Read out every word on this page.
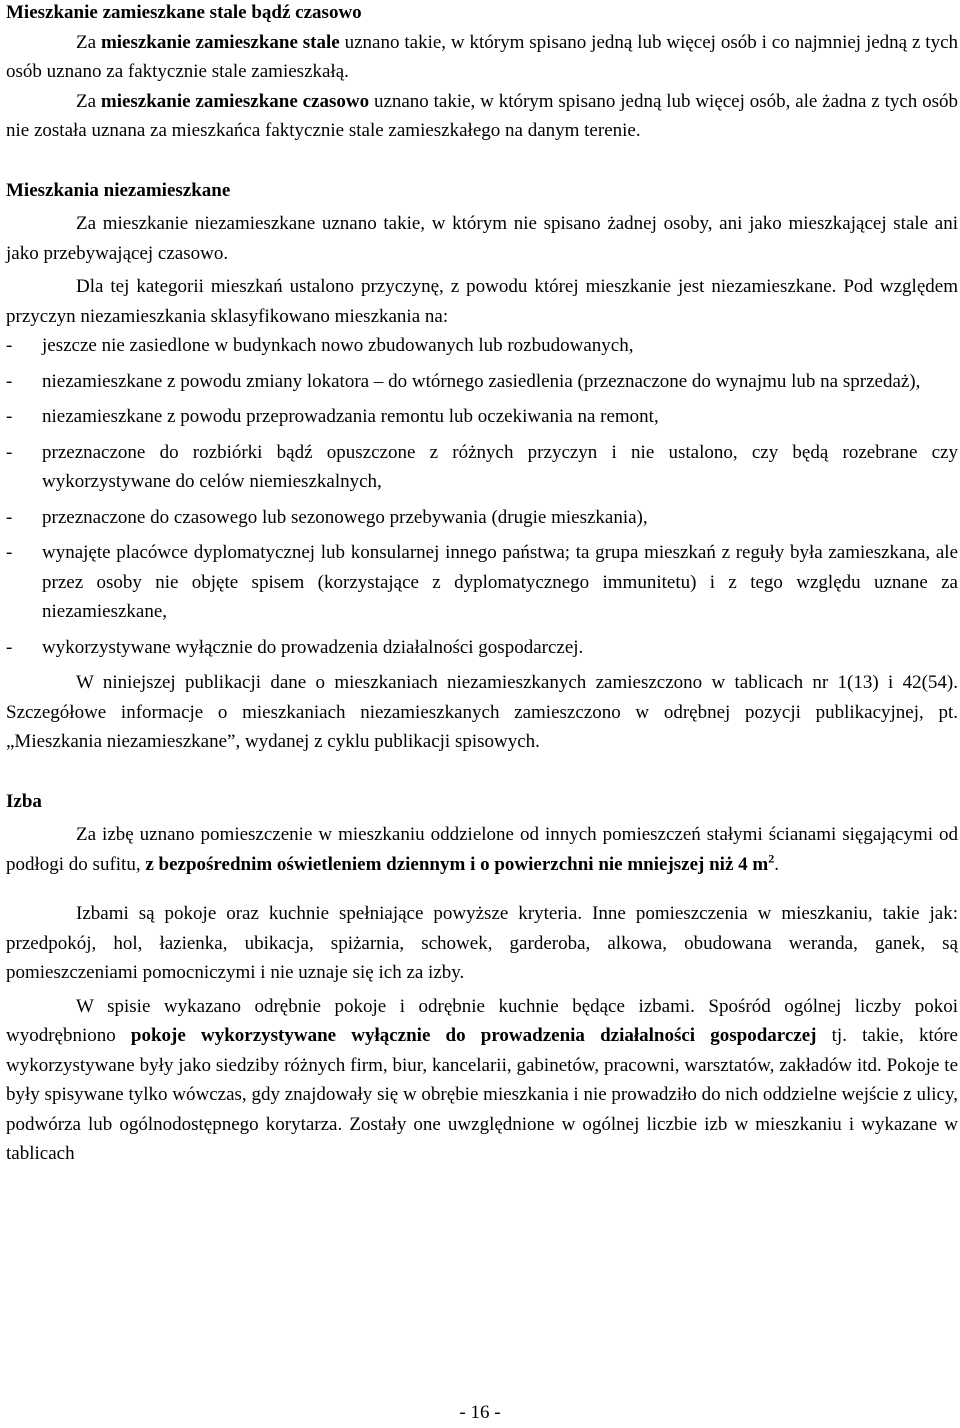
Mieszkanie zamieszkane stale bądź czasowo

Za mieszkanie zamieszkane stale uznano takie, w którym spisano jedną lub więcej osób i co najmniej jedną z tych osób uznano za faktycznie stale zamieszkałą.

Za mieszkanie zamieszkane czasowo uznano takie, w którym spisano jedną lub więcej osób, ale żadna z tych osób nie została uznana za mieszkańca faktycznie stale zamieszkałego na danym terenie.

Mieszkania niezamieszkane

Za mieszkanie niezamieszkane uznano takie, w którym nie spisano żadnej osoby, ani jako mieszkającej stale ani jako przebywającej czasowo.

Dla tej kategorii mieszkań ustalono przyczynę, z powodu której mieszkanie jest niezamieszkane. Pod względem przyczyn niezamieszkania sklasyfikowano mieszkania na:

- jeszcze nie zasiedlone w budynkach nowo zbudowanych lub rozbudowanych,
- niezamieszkane z powodu zmiany lokatora – do wtórnego zasiedlenia (przeznaczone do wynajmu lub na sprzedaż),
- niezamieszkane z powodu przeprowadzania remontu lub oczekiwania na remont,
- przeznaczone do rozbiórki bądź opuszczone z różnych przyczyn i nie ustalono, czy będą rozebrane czy wykorzystywane do celów niemieszkalnych,
- przeznaczone do czasowego lub sezonowego przebywania (drugie mieszkania),
- wynajęte placówce dyplomatycznej lub konsularnej innego państwa; ta grupa mieszkań z reguły była zamieszkana, ale przez osoby nie objęte spisem (korzystające z dyplomatycznego immunitetu) i z tego względu uznane za niezamieszkane,
- wykorzystywane wyłącznie do prowadzenia działalności gospodarczej.

W niniejszej publikacji dane o mieszkaniach niezamieszkanych zamieszczono w tablicach nr 1(13) i 42(54). Szczegółowe informacje o mieszkaniach niezamieszkanych zamieszczono w odrębnej pozycji publikacyjnej, pt. „Mieszkania niezamieszkane”, wydanej z cyklu publikacji spisowych.

Izba

Za izbę uznano pomieszczenie w mieszkaniu oddzielone od innych pomieszczeń stałymi ścianami sięgającymi od podłogi do sufitu, z bezpośrednim oświetleniem dziennym i o powierzchni nie mniejszej niż 4 $m^2$.

Izbami są pokoje oraz kuchnie spełniające powyższe kryteria. Inne pomieszczenia w mieszkaniu, takie jak: przedpokój, hol, łazienka, ubikacja, spiżarnia, schowek, garderoba, alkowa, obudowana weranda, ganek, są pomieszczeniami pomocniczymi i nie uznaje się ich za izby.

W spisie wykazano odrębnie pokoje i odrębnie kuchnie będące izbami. Spośród ogólnej liczby pokoi wyodrębniono pokoje wykorzystywane wyłącznie do prowadzenia działalności gospodarczej tj. takie, które wykorzystywane były jako siedziby różnych firm, biur, kancelarii, gabinetów, pracowni, warsztatów, zakładów itd. Pokoje te były spisywane tylko wówczas, gdy znajdowały się w obrębie mieszkania i nie prowadziło do nich oddzielne wejście z ulicy, podwórza lub ogólnodostępnego korytarza. Zostały one uwzględnione w ogólnej liczbie izb w mieszkaniu i wykazane w tablicach

- 16 -
